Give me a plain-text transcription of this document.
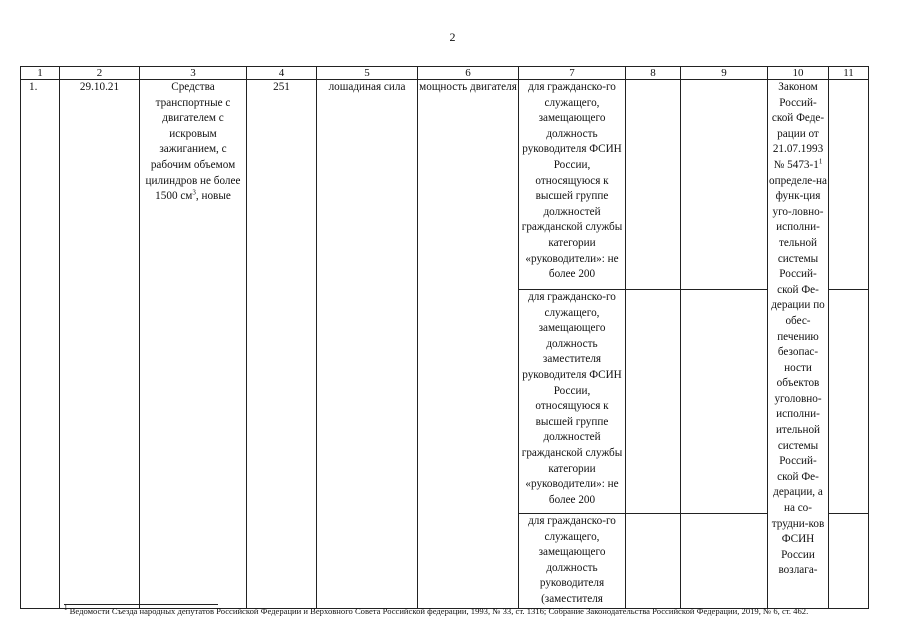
2
1	2	3	4	5	6	7	8	9	10	11
1.	29.10.21	Средства транспортные с двигателем с искровым зажиганием, с рабочим объемом цилиндров не более 1500 $см^3$, новые	251	лошадиная сила	мощность двигателя	для гражданско-го служащего, замещающего должность руководителя ФСИН России, относящуюся к высшей группе должностей гражданской службы категории «руководители»: не более 200			Законом Россий-ской Феде-рации от 21.07.1993 № $5473-1^1$ определе-на функ-ция уго-ловно-исполни-тельной системы Россий-ской Фе-дерации по обес-печению безопас-ности объектов уголовно-исполни-ительной системы Россий-ской Фе-дерации, а на со-трудни-ков ФСИН России возлага-	
						для гражданско-го служащего, замещающего должность заместителя руководителя ФСИН России, относящуюся к высшей группе должностей гражданской службы категории «руководители»: не более 200				
						для гражданско-го служащего, замещающего должность руководителя (заместителя				
$^1$ Ведомости Съезда народных депутатов Российской Федерации и Верховного Совета Российской федерации, 1993, № 33, ст. 1316; Собрание Законодательства Российской Федерации, 2019, № 6, ст. 462.
